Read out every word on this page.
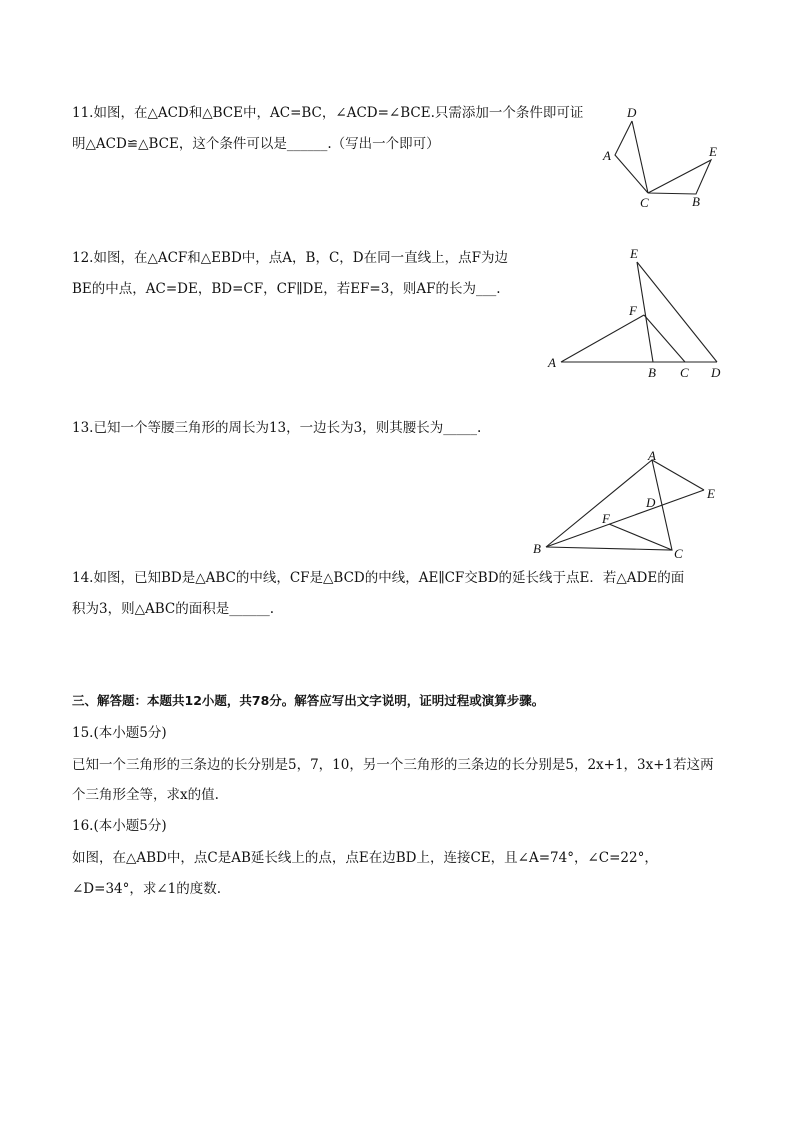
11.如图，在△ACD和△BCE中，AC=BC，∠ACD=∠BCE.只需添加一个条件即可证
明△ACD≌△BCE，这个条件可以是______.（写出一个即可）
D
A	E
C	B
12.如图，在△ACF和△EBD中，点A，B，C，D在同一直线上，点F为边
BE的中点，AC=DE，BD=CF，CF∥DE，若EF=3，则AF的长为___.
E
F
A
B C D
13.已知一个等腰三角形的周长为13，一边长为3，则其腰长为_____.
A
E
D
F
B	C
14.如图，已知BD是△ABC的中线，CF是△BCD的中线，AE∥CF交BD的延长线于点E．若△ADE的面
积为3，则△ABC的面积是______.
三、解答题：本题共12小题，共78分。解答应写出文字说明，证明过程或演算步骤。
15.(本小题5分)
已知一个三角形的三条边的长分别是5，7，10，另一个三角形的三条边的长分别是5，2x+1，3x+1若这两
个三角形全等，求x的值.
16.(本小题5分)
如图，在△ABD中，点C是AB延长线上的点，点E在边BD上，连接CE，且∠A=74°，∠C=22°，
∠D=34°，求∠1的度数.
